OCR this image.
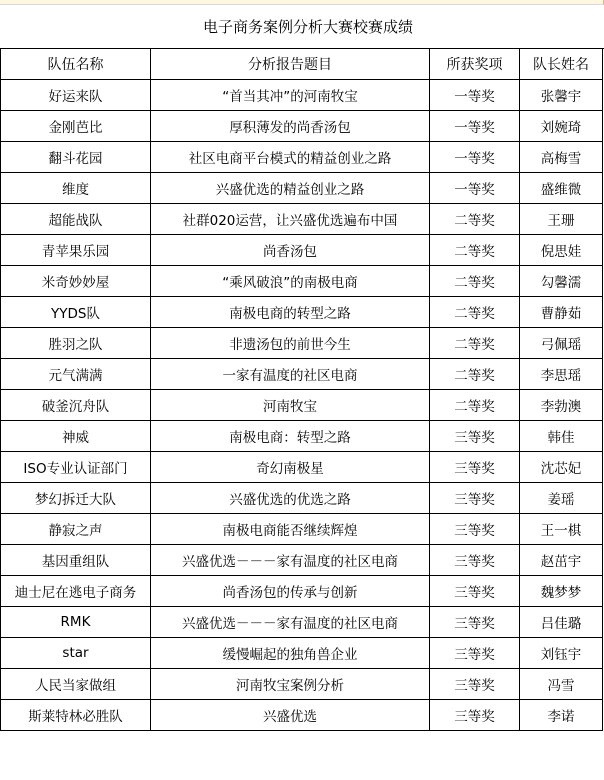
电子商务案例分析大赛校赛成绩
队伍名称	分析报告题目	所获奖项	队长姓名
好运来队	“首当其冲”的河南牧宝	一等奖	张馨宇
金刚芭比	厚积薄发的尚香汤包	一等奖	刘婉琦
翻斗花园	社区电商平台模式的精益创业之路	一等奖	高梅雪
维度	兴盛优选的精益创业之路	一等奖	盛维微
超能战队	社群020运营，让兴盛优选遍布中国	二等奖	王珊
青苹果乐园	尚香汤包	二等奖	倪思娃
米奇妙妙屋	“乘风破浪”的南极电商	二等奖	勾馨濡
YYDS队	南极电商的转型之路	二等奖	曹静茹
胜羽之队	非遗汤包的前世今生	二等奖	弓佩瑶
元气满满	一家有温度的社区电商	二等奖	李思瑶
破釜沉舟队	河南牧宝	二等奖	李勃澳
神威	南极电商：转型之路	三等奖	韩佳
ISO专业认证部门	奇幻南极星	三等奖	沈芯妃
梦幻拆迁大队	兴盛优选的优选之路	三等奖	姜瑶
静寂之声	南极电商能否继续辉煌	三等奖	王一棋
基因重组队	兴盛优选－－－家有温度的社区电商	三等奖	赵茁宇
迪士尼在逃电子商务	尚香汤包的传承与创新	三等奖	魏梦梦
RMK	兴盛优选－－－家有温度的社区电商	三等奖	吕佳璐
star	缓慢崛起的独角兽企业	三等奖	刘钰宇
人民当家做组	河南牧宝案例分析	三等奖	冯雪
斯莱特林必胜队	兴盛优选	三等奖	李诺
